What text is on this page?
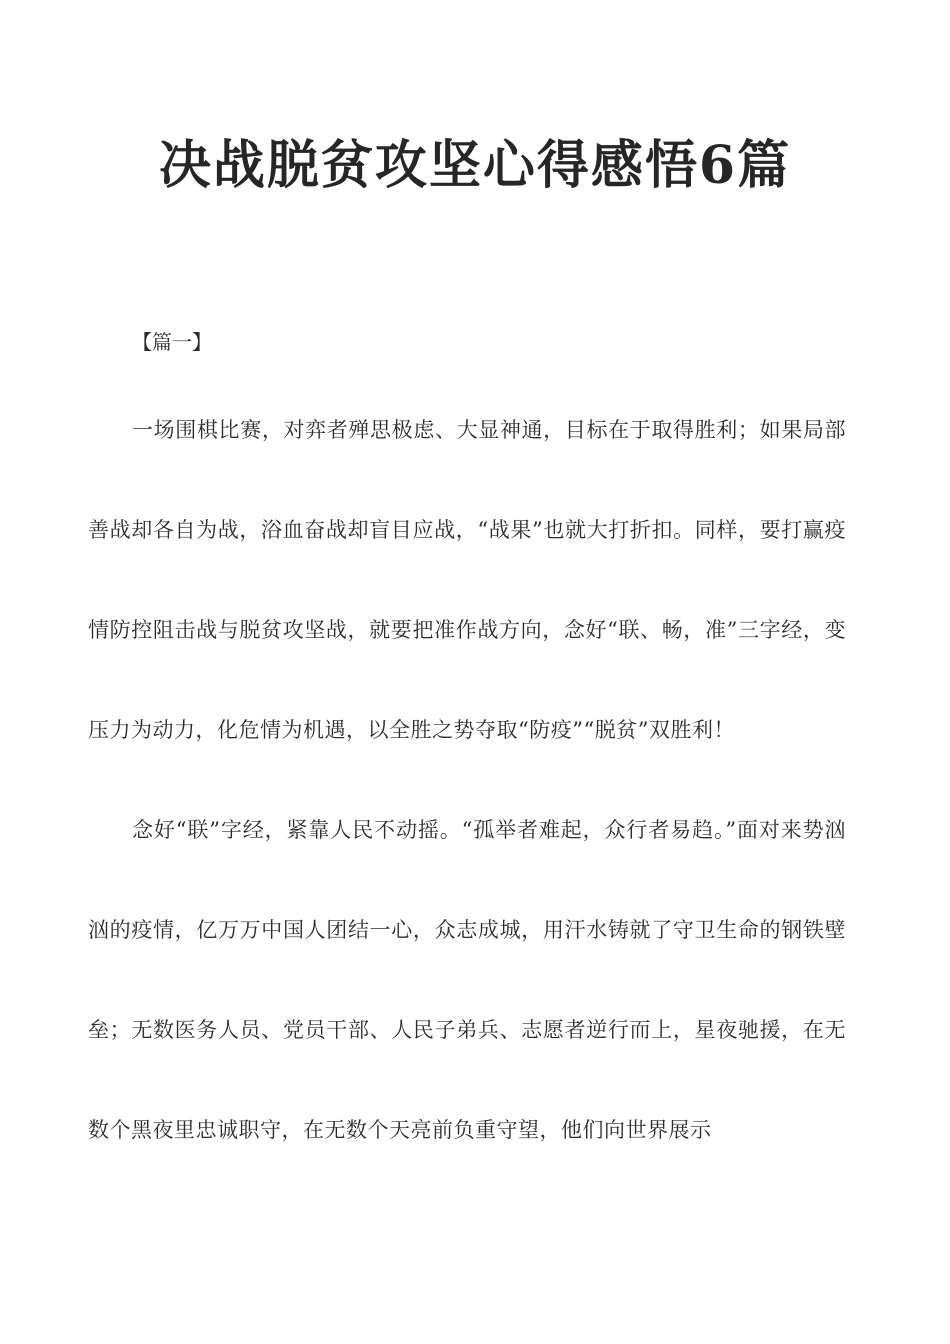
决战脱贫攻坚心得感悟6篇
【篇一】

一场围棋比赛，对弈者殚思极虑、大显神通，目标在于取得胜利；如果局部善战却各自为战，浴血奋战却盲目应战，“战果”也就大打折扣。同样，要打赢疫情防控阻击战与脱贫攻坚战，就要把准作战方向，念好“联、畅，准”三字经，变压力为动力，化危情为机遇，以全胜之势夺取“防疫”“脱贫”双胜利！

念好“联”字经，紧靠人民不动摇。“孤举者难起，众行者易趋。”面对来势汹汹的疫情，亿万万中国人团结一心，众志成城，用汗水铸就了守卫生命的钢铁壁垒；无数医务人员、党员干部、人民子弟兵、志愿者逆行而上，星夜驰援，在无数个黑夜里忠诚职守，在无数个天亮前负重守望，他们向世界展示
